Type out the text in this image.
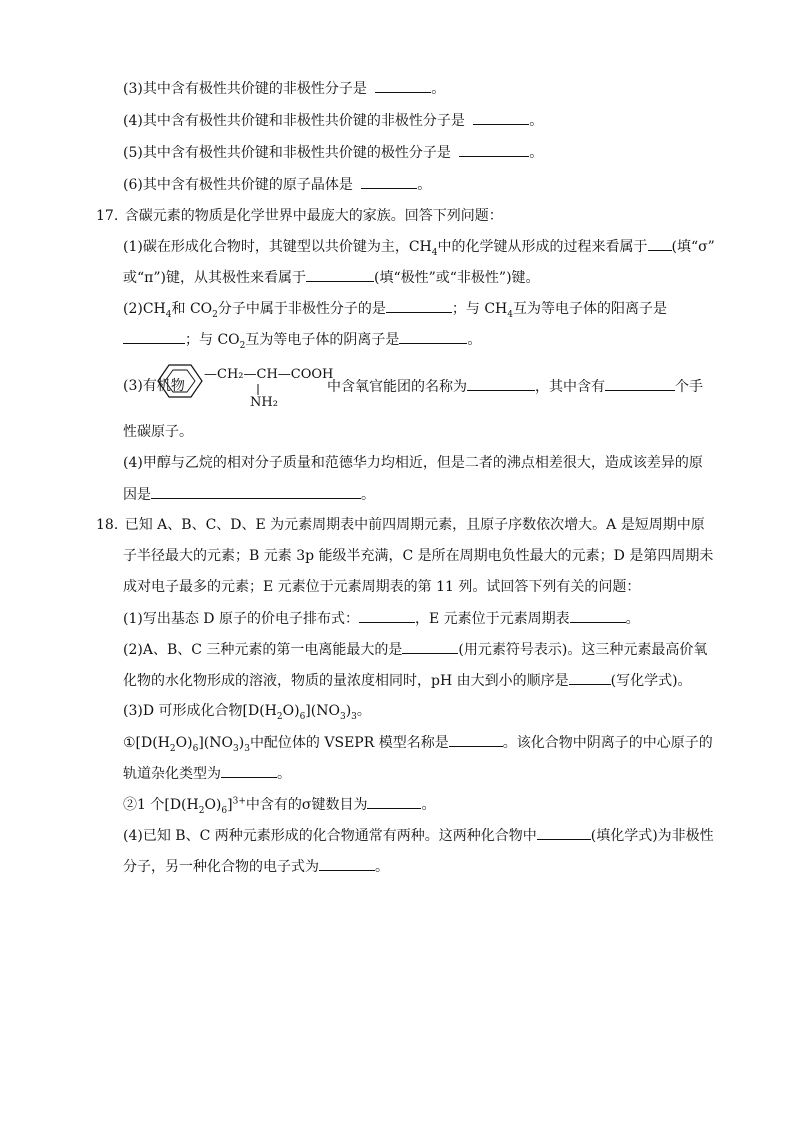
(3)其中含有极性共价键的非极性分子是	。
(4)其中含有极性共价键和非极性共价键的非极性分子是	。
(5)其中含有极性共价键和非极性共价键的极性分子是	。
(6)其中含有极性共价键的原子晶体是	。
17. 含碳元素的物质是化学世界中最庞大的家族。回答下列问题：
(1)碳在形成化合物时，其键型以共价键为主，$CH_4$中的化学键从形成的过程来看属于 (填“σ”
或“π”)键，从其极性来看属于	(填“极性”或“非极性”)键。
$(2)CH_4$和 $CO_2$分子中属于非极性分子的是	；与 $CH_4$互为等电子体的阳离子是
；与 $CO_2$互为等电子体的阴离子是	。
(3)有机物
—CH₂—CH—COOH
NH₂
中含氧官能团的名称为	，其中含有	个手
性碳原子。
(4)甲醇与乙烷的相对分子质量和范德华力均相近，但是二者的沸点相差很大，造成该差异的原
因是	。
18. 已知 A、B、C、D、E 为元素周期表中前四周期元素，且原子序数依次增大。A 是短周期中原
子半径最大的元素；B 元素 3p 能级半充满，C 是所在周期电负性最大的元素；D 是第四周期未
成对电子最多的元素；E 元素位于元素周期表的第 11 列。试回答下列有关的问题：
(1)写出基态 D 原子的价电子排布式：	，E 元素位于元素周期表	。
(2)A、B、C 三种元素的第一电离能最大的是	(用元素符号表示)。这三种元素最高价氧
化物的水化物形成的溶液，物质的量浓度相同时，pH 由大到小的顺序是	(写化学式)。
(3)D 可形成化合物$[D(H_2O)_6](NO_3)_3$。
$①[D(H_2O)_6](NO_3)_3$中配位体的 VSEPR 模型名称是	。该化合物中阴离子的中心原子的
轨道杂化类型为	。
②1 个$[D(H_2O)_6]^{3+}$中含有的σ键数目为	。
(4)已知 B、C 两种元素形成的化合物通常有两种。这两种化合物中	(填化学式)为非极性
分子，另一种化合物的电子式为	。
